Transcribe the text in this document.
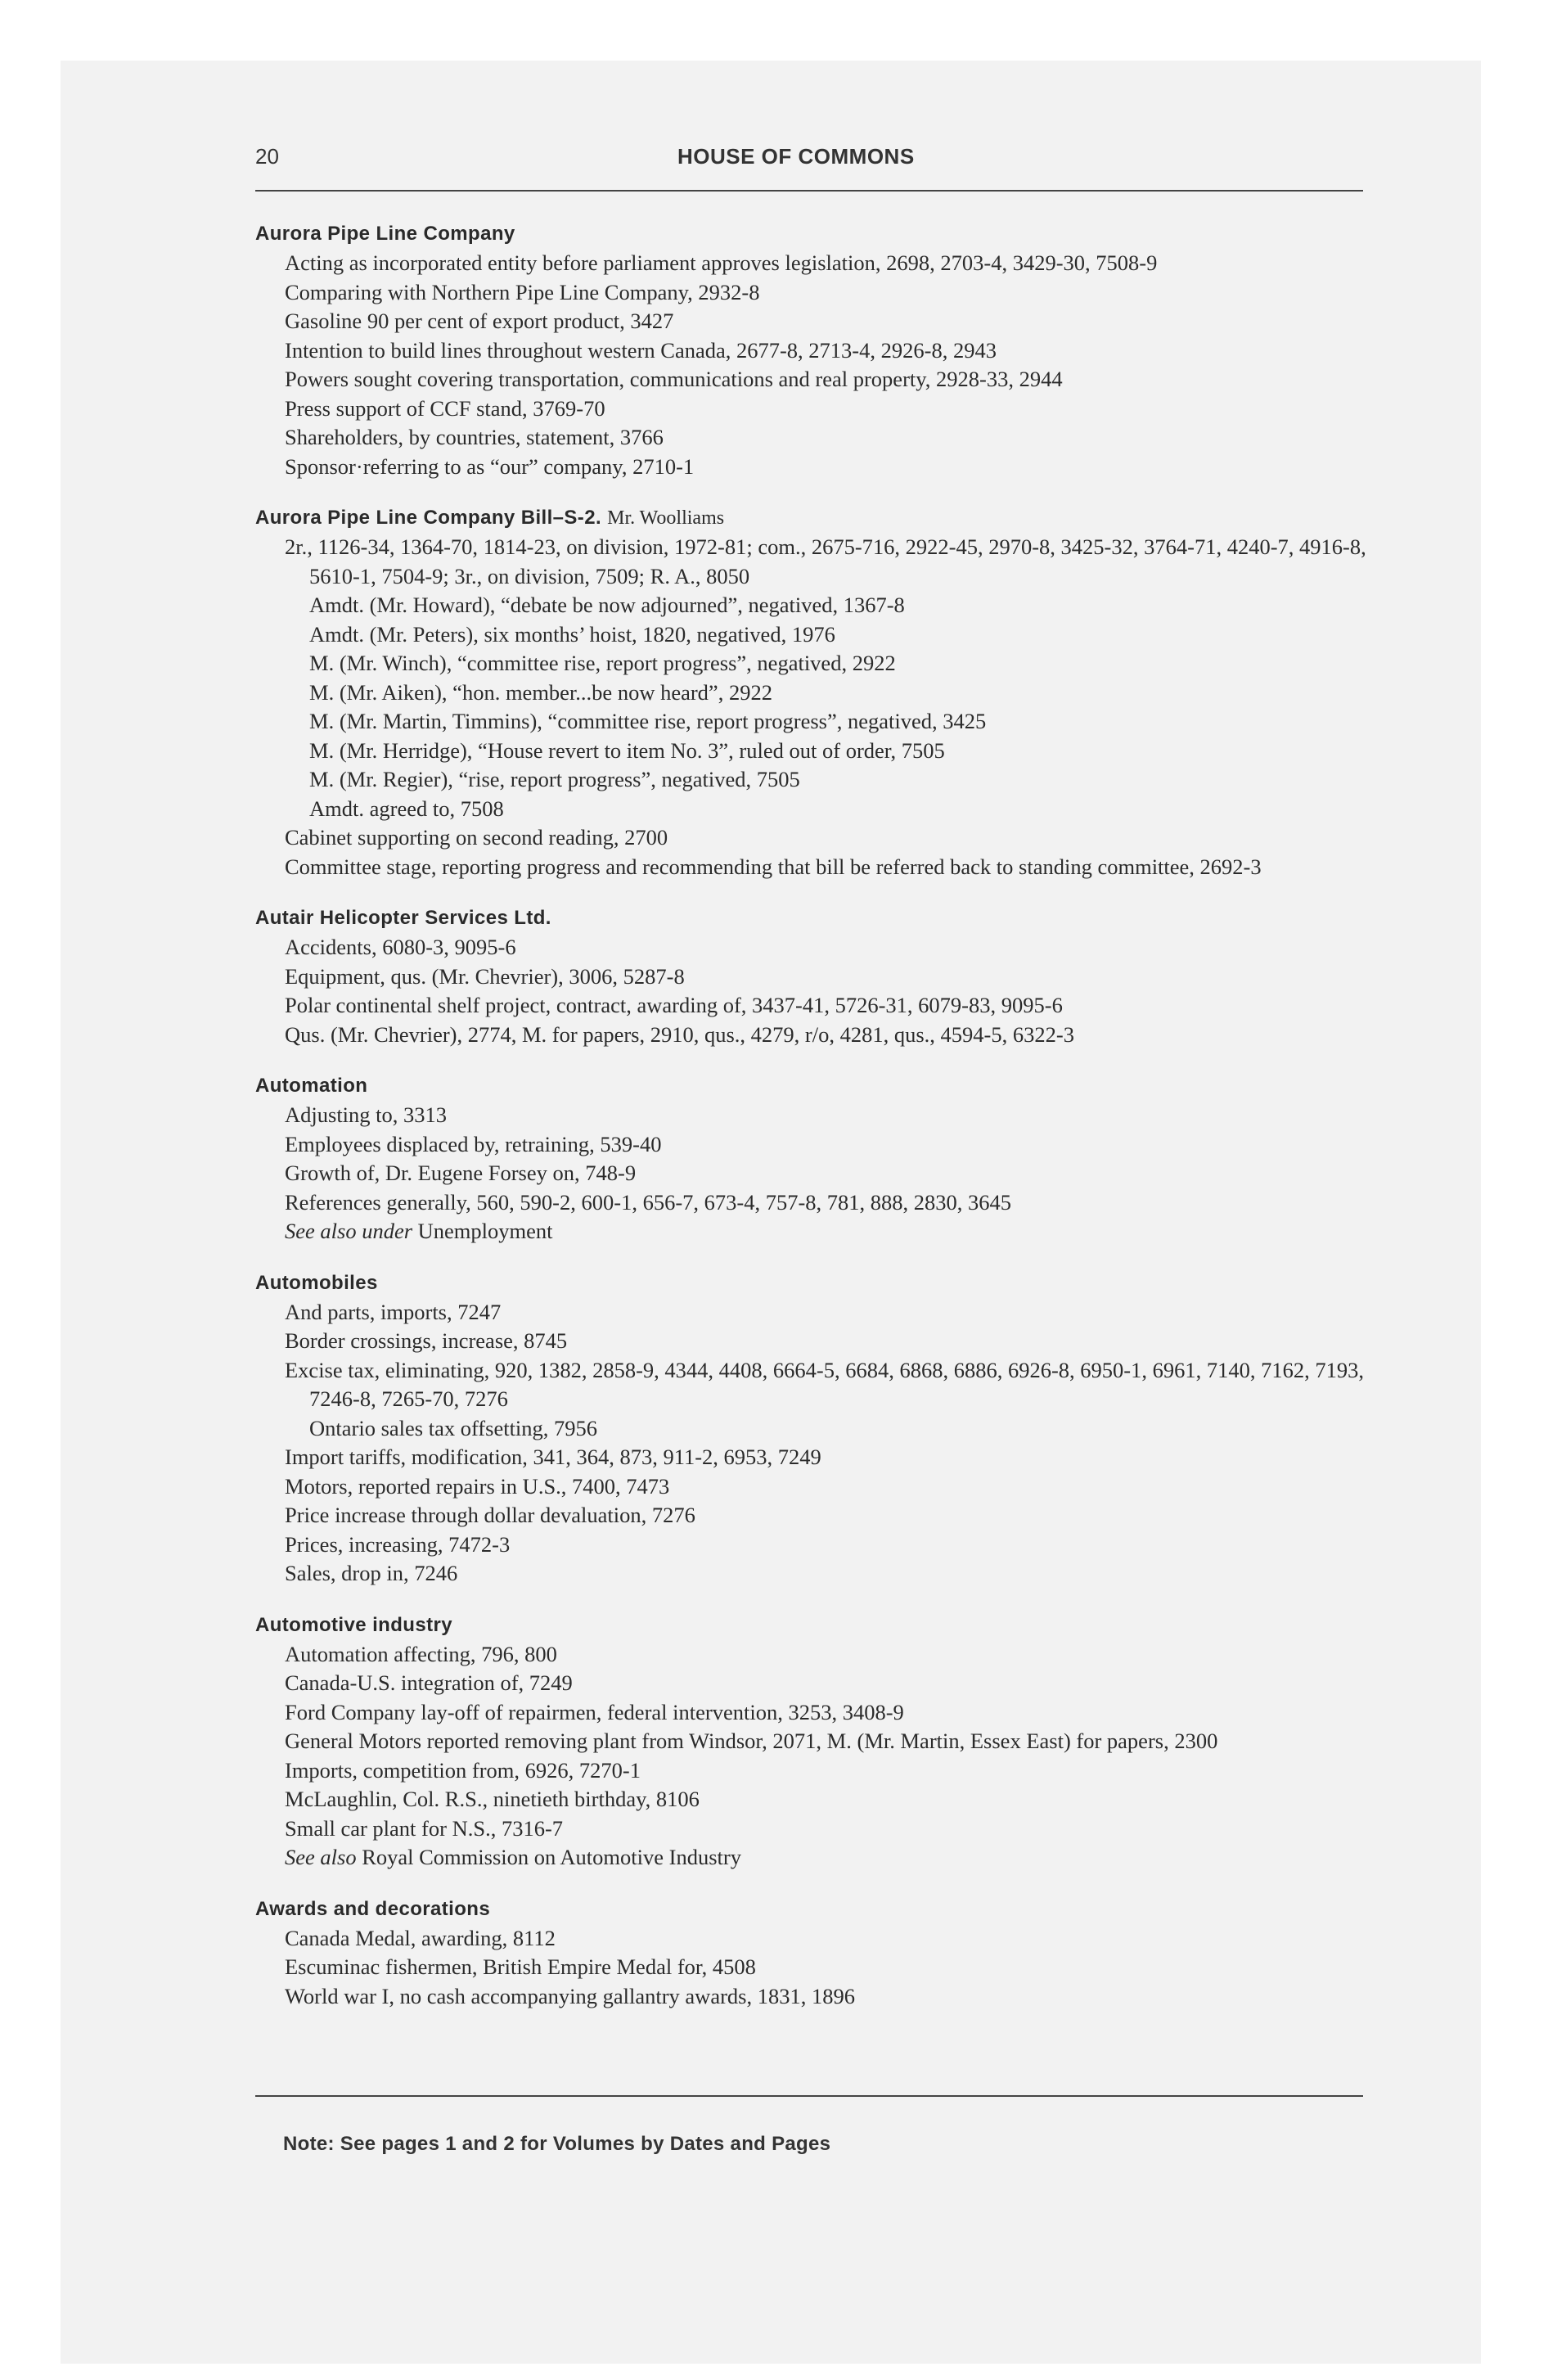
20	HOUSE OF COMMONS
Aurora Pipe Line Company
Acting as incorporated entity before parliament approves legislation, 2698, 2703-4, 3429-30, 7508-9
Comparing with Northern Pipe Line Company, 2932-8
Gasoline 90 per cent of export product, 3427
Intention to build lines throughout western Canada, 2677-8, 2713-4, 2926-8, 2943
Powers sought covering transportation, communications and real property, 2928-33, 2944
Press support of CCF stand, 3769-70
Shareholders, by countries, statement, 3766
Sponsor·referring to as “our” company, 2710-1
Aurora Pipe Line Company Bill–S-2. Mr. Woolliams
2r., 1126-34, 1364-70, 1814-23, on division, 1972-81; com., 2675-716, 2922-45, 2970-8, 3425-32, 3764-71, 4240-7, 4916-8, 5610-1, 7504-9; 3r., on division, 7509; R. A., 8050
Amdt. (Mr. Howard), “debate be now adjourned”, negatived, 1367-8
Amdt. (Mr. Peters), six months’ hoist, 1820, negatived, 1976
M. (Mr. Winch), “committee rise, report progress”, negatived, 2922
M. (Mr. Aiken), “hon. member...be now heard”, 2922
M. (Mr. Martin, Timmins), “committee rise, report progress”, negatived, 3425
M. (Mr. Herridge), “House revert to item No. 3”, ruled out of order, 7505
M. (Mr. Regier), “rise, report progress”, negatived, 7505
Amdt. agreed to, 7508
Cabinet supporting on second reading, 2700
Committee stage, reporting progress and recommending that bill be referred back to standing committee, 2692-3
Autair Helicopter Services Ltd.
Accidents, 6080-3, 9095-6
Equipment, qus. (Mr. Chevrier), 3006, 5287-8
Polar continental shelf project, contract, awarding of, 3437-41, 5726-31, 6079-83, 9095-6
Qus. (Mr. Chevrier), 2774, M. for papers, 2910, qus., 4279, r/o, 4281, qus., 4594-5, 6322-3
Automation
Adjusting to, 3313
Employees displaced by, retraining, 539-40
Growth of, Dr. Eugene Forsey on, 748-9
References generally, 560, 590-2, 600-1, 656-7, 673-4, 757-8, 781, 888, 2830, 3645
See also under Unemployment
Automobiles
And parts, imports, 7247
Border crossings, increase, 8745
Excise tax, eliminating, 920, 1382, 2858-9, 4344, 4408, 6664-5, 6684, 6868, 6886, 6926-8, 6950-1, 6961, 7140, 7162, 7193, 7246-8, 7265-70, 7276
Ontario sales tax offsetting, 7956
Import tariffs, modification, 341, 364, 873, 911-2, 6953, 7249
Motors, reported repairs in U.S., 7400, 7473
Price increase through dollar devaluation, 7276
Prices, increasing, 7472-3
Sales, drop in, 7246
Automotive industry
Automation affecting, 796, 800
Canada-U.S. integration of, 7249
Ford Company lay-off of repairmen, federal intervention, 3253, 3408-9
General Motors reported removing plant from Windsor, 2071, M. (Mr. Martin, Essex East) for papers, 2300
Imports, competition from, 6926, 7270-1
McLaughlin, Col. R.S., ninetieth birthday, 8106
Small car plant for N.S., 7316-7
See also Royal Commission on Automotive Industry
Awards and decorations
Canada Medal, awarding, 8112
Escuminac fishermen, British Empire Medal for, 4508
World war I, no cash accompanying gallantry awards, 1831, 1896
Note: See pages 1 and 2 for Volumes by Dates and Pages
